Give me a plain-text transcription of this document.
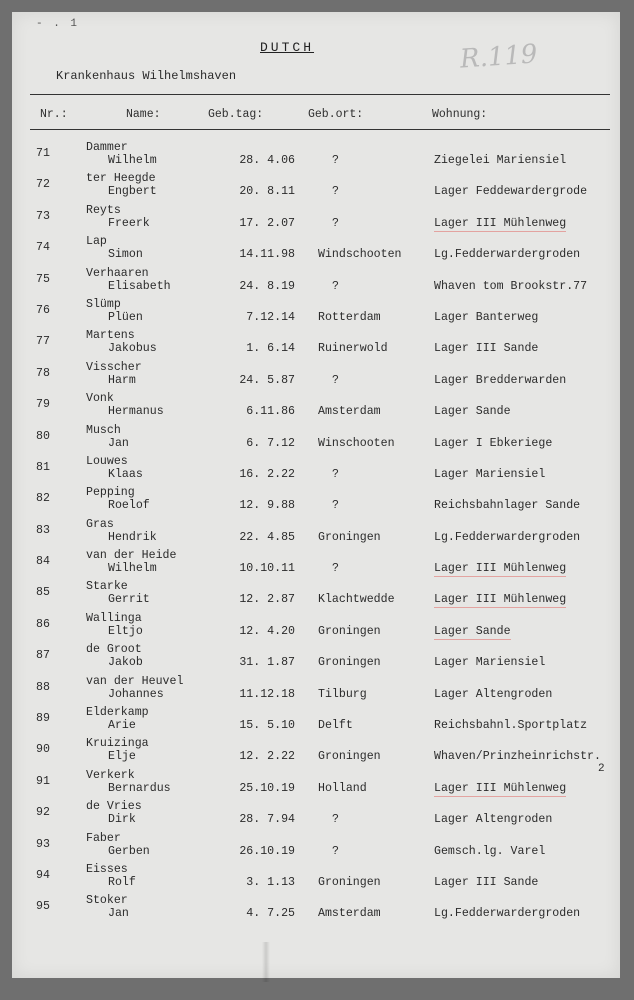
- . 1
DUTCH	R.119
Krankenhaus Wilhelmshaven
Nr.:	Name:	Geb.tag:	Geb.ort:	Wohnung:
71	Dammer
Wilhelm	28. 4.06	?	Ziegelei Mariensiel
72	ter Heegde
Engbert	20. 8.11	?	Lager Feddewardergrode
73	Reyts
Freerk	17. 2.07	?	Lager III Mühlenweg
74	Lap
Simon	14.11.98 Windschooten	Lg.Fedderwardergroden
75	Verhaaren
Elisabeth	24. 8.19	?	Whaven tom Brookstr.77
76	Slümp
Plüen	7.12.14 Rotterdam	Lager Banterweg
77	Martens
Jakobus	1. 6.14 Ruinerwold	Lager III Sande
78	Visscher
Harm	24. 5.87	?	Lager Bredderwarden
79	Vonk
Hermanus	6.11.86 Amsterdam	Lager Sande
80	Musch
Jan	6. 7.12 Winschooten	Lager I Ebkeriege
81	Louwes
Klaas	16. 2.22	?	Lager Mariensiel
82	Pepping
Roelof	12. 9.88	?	Reichsbahnlager Sande
83	Gras
Hendrik	22. 4.85 Groningen	Lg.Fedderwardergroden
84	van der Heide
Wilhelm	10.10.11	?	Lager III Mühlenweg
85	Starke
Gerrit	12. 2.87 Klachtwedde	Lager III Mühlenweg
86	Wallinga
Eltjo	12. 4.20 Groningen	Lager Sande
87	de Groot
Jakob	31. 1.87 Groningen	Lager Mariensiel
88	van der Heuvel
Johannes	11.12.18 Tilburg	Lager Altengroden
89	Elderkamp
Arie	15. 5.10 Delft	Reichsbahnl.Sportplatz
90	Kruizinga
Elje	12. 2.22 Groningen	Whaven/Prinzheinrichstr.
2
91	Verkerk
Bernardus	25.10.19 Holland	Lager III Mühlenweg
92	de Vries
Dirk	28. 7.94	?	Lager Altengroden
93	Faber
Gerben	26.10.19	?	Gemsch.lg. Varel
94	Eisses
Rolf	3. 1.13 Groningen	Lager III Sande
95	Stoker
Jan	4. 7.25 Amsterdam	Lg.Fedderwardergroden
